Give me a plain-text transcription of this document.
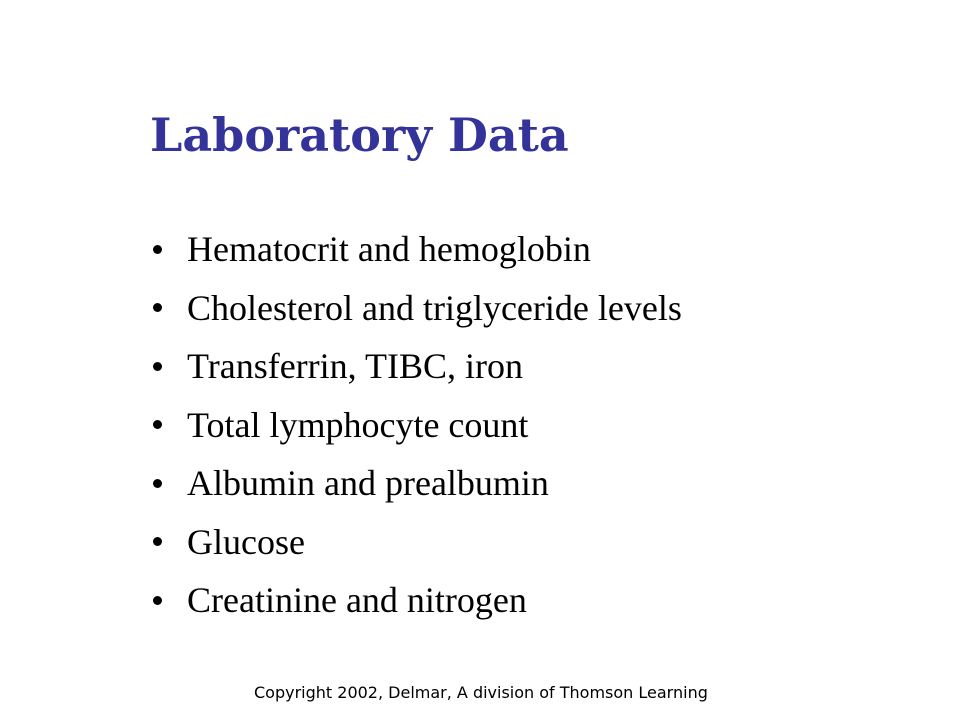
Laboratory Data
Hematocrit and hemoglobin
Cholesterol and triglyceride levels
Transferrin, TIBC, iron
Total lymphocyte count
Albumin and prealbumin
Glucose
Creatinine and nitrogen
Copyright 2002, Delmar, A division of Thomson Learning
